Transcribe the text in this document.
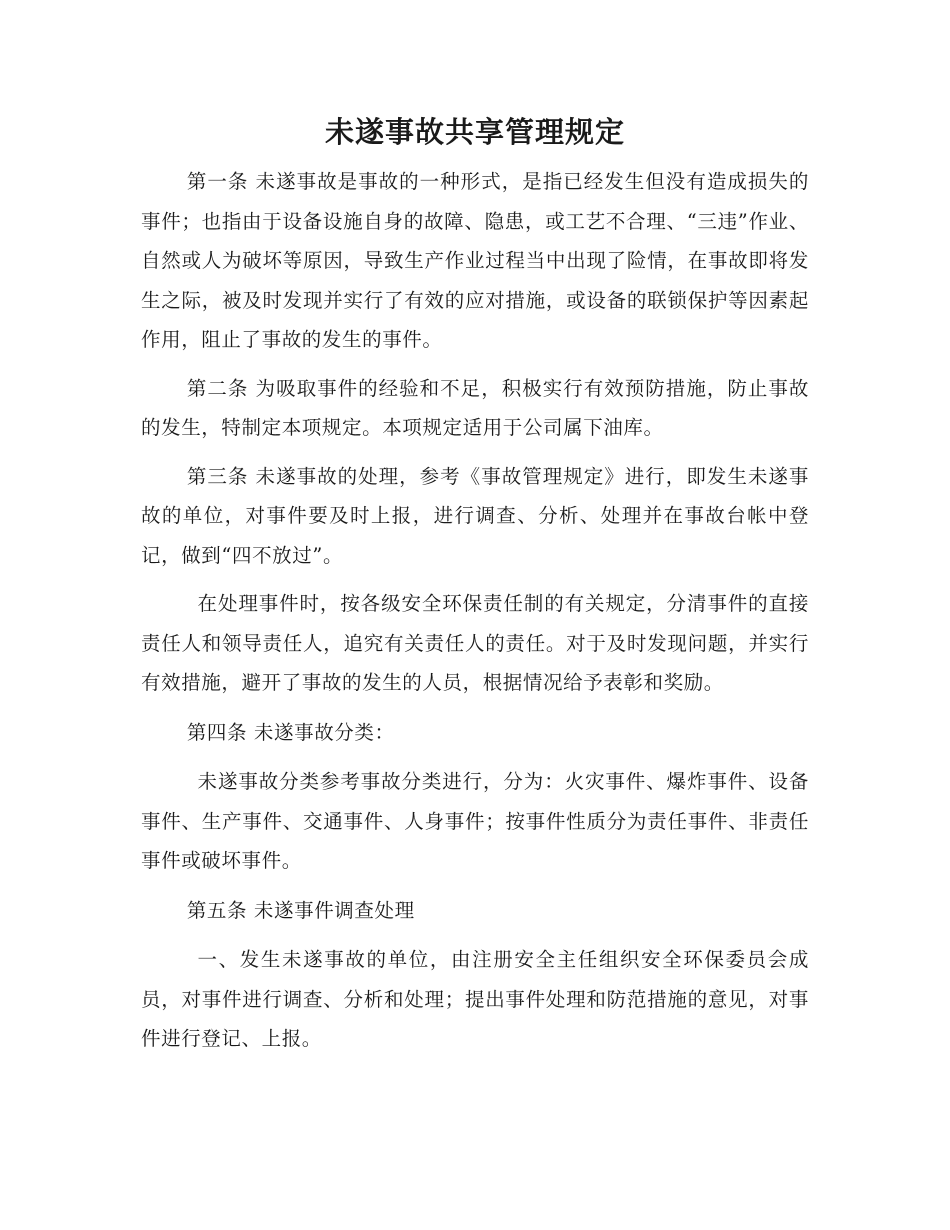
未遂事故共享管理规定

第一条 未遂事故是事故的一种形式，是指已经发生但没有造成损失的事件；也指由于设备设施自身的故障、隐患，或工艺不合理、“三违”作业、自然或人为破坏等原因，导致生产作业过程当中出现了险情，在事故即将发生之际，被及时发现并实行了有效的应对措施，或设备的联锁保护等因素起作用，阻止了事故的发生的事件。

第二条 为吸取事件的经验和不足，积极实行有效预防措施，防止事故的发生，特制定本项规定。本项规定适用于公司属下油库。

第三条 未遂事故的处理，参考《事故管理规定》进行，即发生未遂事故的单位，对事件要及时上报，进行调查、分析、处理并在事故台帐中登记，做到“四不放过”。

在处理事件时，按各级安全环保责任制的有关规定，分清事件的直接责任人和领导责任人，追究有关责任人的责任。对于及时发现问题，并实行有效措施，避开了事故的发生的人员，根据情况给予表彰和奖励。

第四条 未遂事故分类：

未遂事故分类参考事故分类进行，分为：火灾事件、爆炸事件、设备事件、生产事件、交通事件、人身事件；按事件性质分为责任事件、非责任事件或破坏事件。

第五条 未遂事件调查处理

一、发生未遂事故的单位，由注册安全主任组织安全环保委员会成员，对事件进行调查、分析和处理；提出事件处理和防范措施的意见，对事件进行登记、上报。
